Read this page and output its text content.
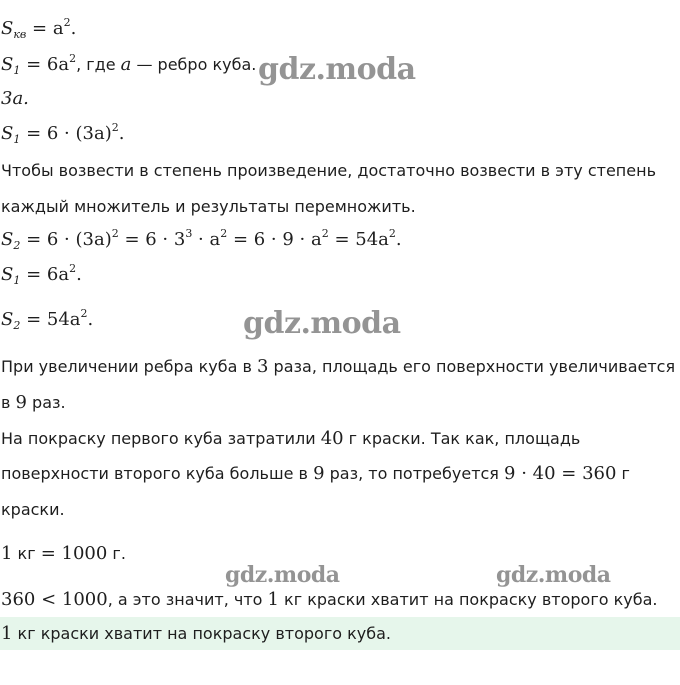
$S_{кв} = a^2$.
$S_1 = 6a^2$, где a — ребро куба.
3a.
$S_1 = 6 \cdot (3a)^2$.
Чтобы возвести в степень произведение, достаточно возвести в эту степень
каждый множитель и результаты перемножить.
$S_2 = 6 \cdot (3a)^2 = 6 \cdot 3^3 \cdot a^2 = 6 \cdot 9 \cdot a^2 = 54a^2$.
$S_1 = 6a^2$.
$S_2 = 54a^2$.
При увеличении ребра куба в 3 раза, площадь его поверхности увеличивается
в 9 раз.
На покраску первого куба затратили 40 г краски. Так как, площадь
поверхности второго куба больше в 9 раз, то потребуется 9 · 40 = 360 г
краски.
1 кг = 1000 г.
360 < 1000, а это значит, что 1 кг краски хватит на покраску второго куба.
1 кг краски хватит на покраску второго куба.
gdz.moda
gdz.moda
gdz.moda	gdz.moda
